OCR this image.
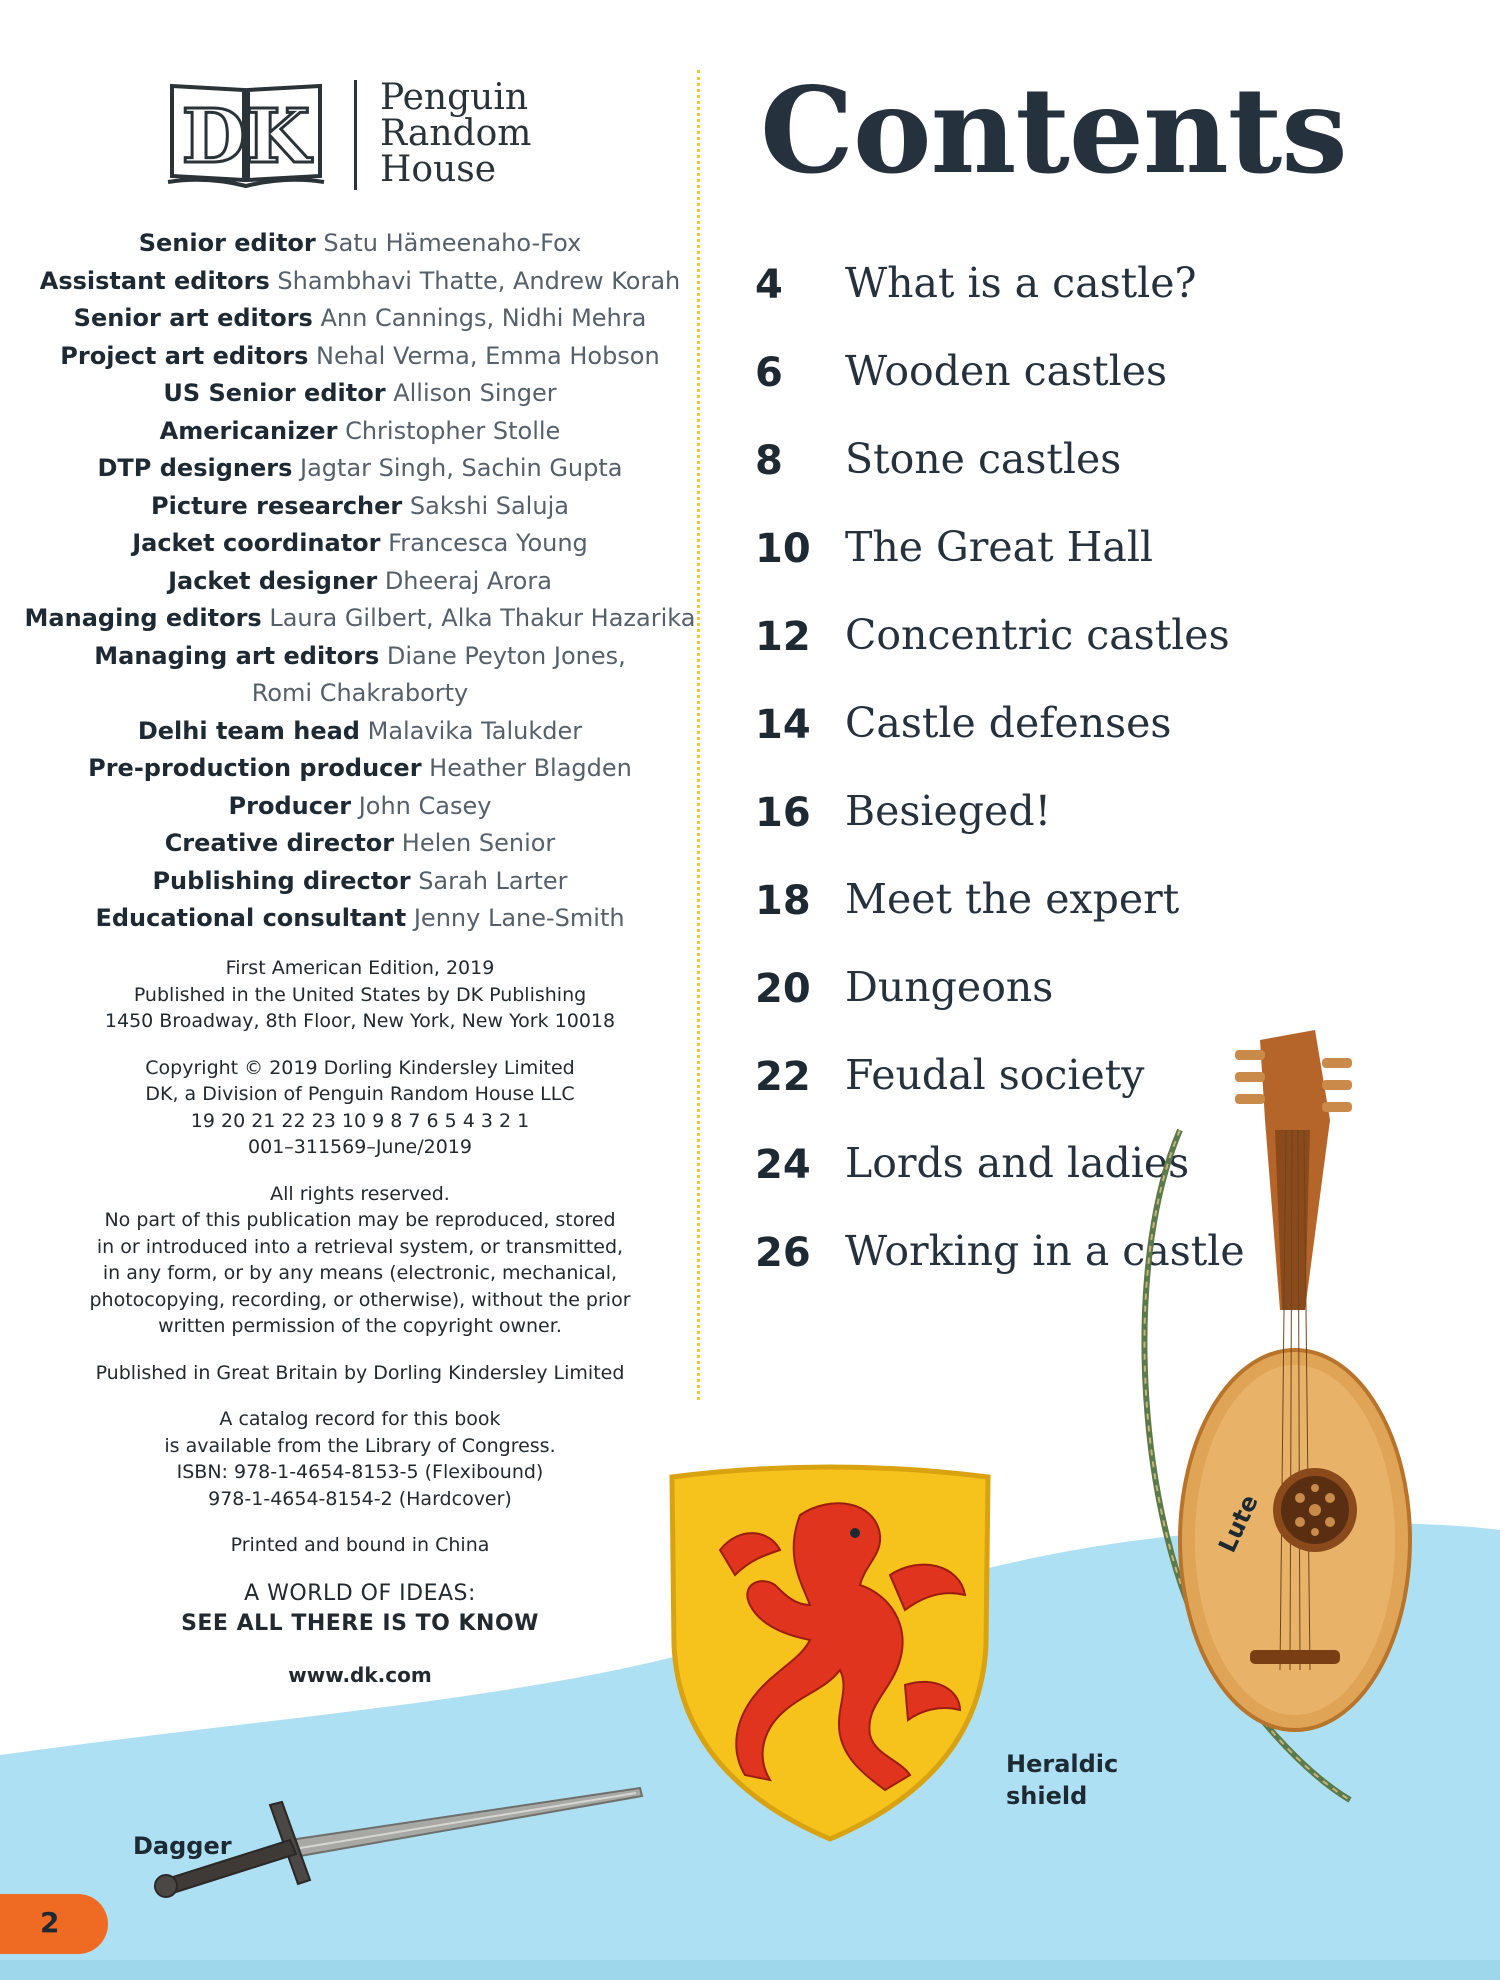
DK Penguin
Random
House
Senior editor Satu Hämeenaho-Fox
Assistant editors Shambhavi Thatte, Andrew Korah
Senior art editors Ann Cannings, Nidhi Mehra
Project art editors Nehal Verma, Emma Hobson
US Senior editor Allison Singer
Americanizer Christopher Stolle
DTP designers Jagtar Singh, Sachin Gupta
Picture researcher Sakshi Saluja
Jacket coordinator Francesca Young
Jacket designer Dheeraj Arora
Managing editors Laura Gilbert, Alka Thakur Hazarika
Managing art editors Diane Peyton Jones,
Romi Chakraborty
Delhi team head Malavika Talukder
Pre-production producer Heather Blagden
Producer John Casey
Creative director Helen Senior
Publishing director Sarah Larter
Educational consultant Jenny Lane-Smith
First American Edition, 2019
Published in the United States by DK Publishing
1450 Broadway, 8th Floor, New York, New York 10018
Copyright © 2019 Dorling Kindersley Limited
DK, a Division of Penguin Random House LLC
19 20 21 22 23 10 9 8 7 6 5 4 3 2 1
001–311569–June/2019
All rights reserved.
No part of this publication may be reproduced, stored
in or introduced into a retrieval system, or transmitted,
in any form, or by any means (electronic, mechanical,
photocopying, recording, or otherwise), without the prior
written permission of the copyright owner.
Published in Great Britain by Dorling Kindersley Limited
A catalog record for this book
is available from the Library of Congress.
ISBN: 978-1-4654-8153-5 (Flexibound)
978-1-4654-8154-2 (Hardcover)
Printed and bound in China
A WORLD OF IDEAS:
SEE ALL THERE IS TO KNOW
www.dk.com
Contents
4 What is a castle?
6 Wooden castles
8 Stone castles
10 The Great Hall
12 Concentric castles
14 Castle defenses
16 Besieged!
18 Meet the expert
20 Dungeons
22 Feudal society
24 Lords and ladies
26 Working in a castle
Lute
Heraldic
shield
Dagger
2
